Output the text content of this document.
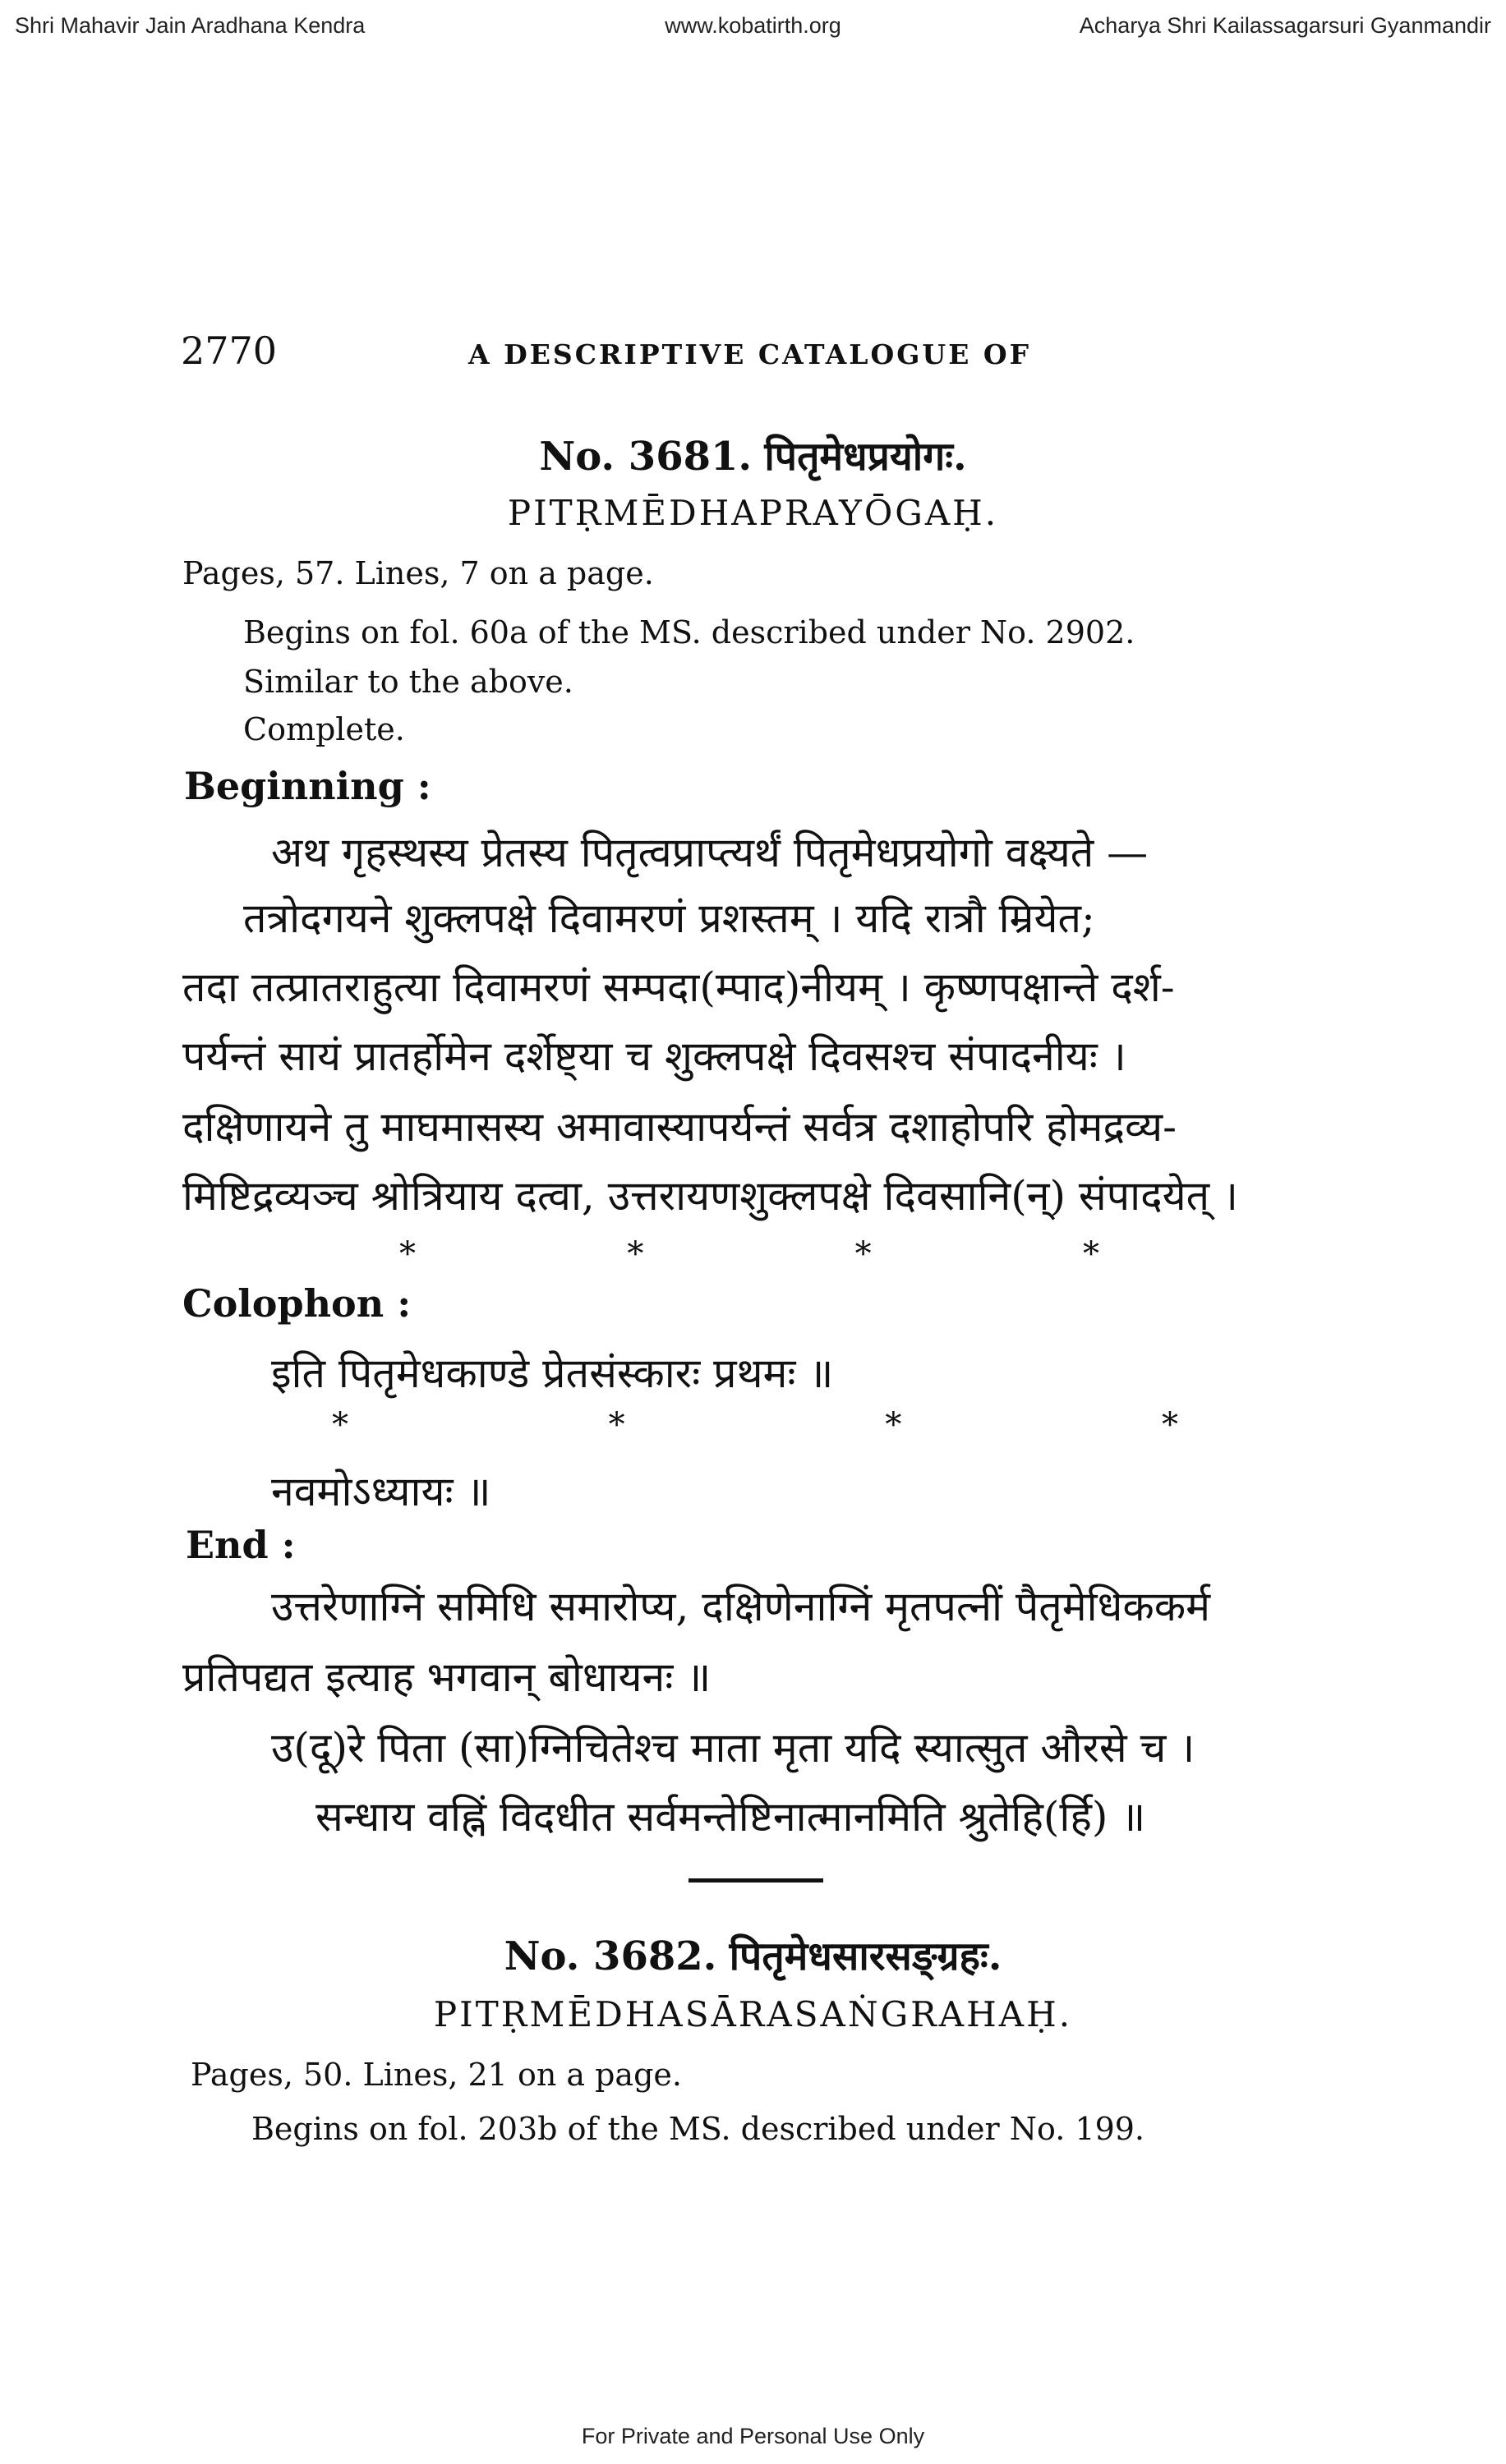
Shri Mahavir Jain Aradhana Kendra	www.kobatirth.org	Acharya Shri Kailassagarsuri Gyanmandir
2770	A DESCRIPTIVE CATALOGUE OF
No. 3681. पितृमेधप्रयोगः.
PITṚMĒDHAPRAYŌGAḤ.
Pages, 57. Lines, 7 on a page.
Begins on fol. 60a of the MS. described under No. 2902.
Similar to the above.
Complete.
Beginning :
अथ गृहस्थस्य प्रेतस्य पितृत्वप्राप्त्यर्थं पितृमेधप्रयोगो वक्ष्यते —
तत्रोदगयने शुक्लपक्षे दिवामरणं प्रशस्तम् । यदि रात्रौ म्रियेत;
तदा तत्प्रातराहुत्या दिवामरणं सम्पदा(म्पाद)नीयम् । कृष्णपक्षान्ते दर्श-
पर्यन्तं सायं प्रातर्होमेन दर्शेष्ट्या च शुक्लपक्षे दिवसश्च संपादनीयः ।
दक्षिणायने तु माघमासस्य अमावास्यापर्यन्तं सर्वत्र दशाहोपरि होमद्रव्य-
मिष्टिद्रव्यञ्च श्रोत्रियाय दत्वा, उत्तरायणशुक्लपक्षे दिवसानि(न्) संपादयेत् ।
*	*	*	*
Colophon :
इति पितृमेधकाण्डे प्रेतसंस्कारः प्रथमः ॥
*	*	*	*
नवमोऽध्यायः ॥
End :
उत्तरेणाग्निं समिधि समारोप्य, दक्षिणेनाग्निं मृतपत्नीं पैतृमेधिककर्म
प्रतिपद्यत इत्याह भगवान् बोधायनः ॥
उ(दू)रे पिता (सा)ग्निचितेश्च माता मृता यदि स्यात्सुत औरसे च ।
सन्धाय वह्निं विदधीत सर्वमन्तेष्टिनात्मानमिति श्रुतेहि(र्हि) ॥
No. 3682. पितृमेधसारसङ्ग्रहः.
PITṚMĒDHASĀRASAṄGRAHAḤ.
Pages, 50. Lines, 21 on a page.
Begins on fol. 203b of the MS. described under No. 199.
For Private and Personal Use Only
